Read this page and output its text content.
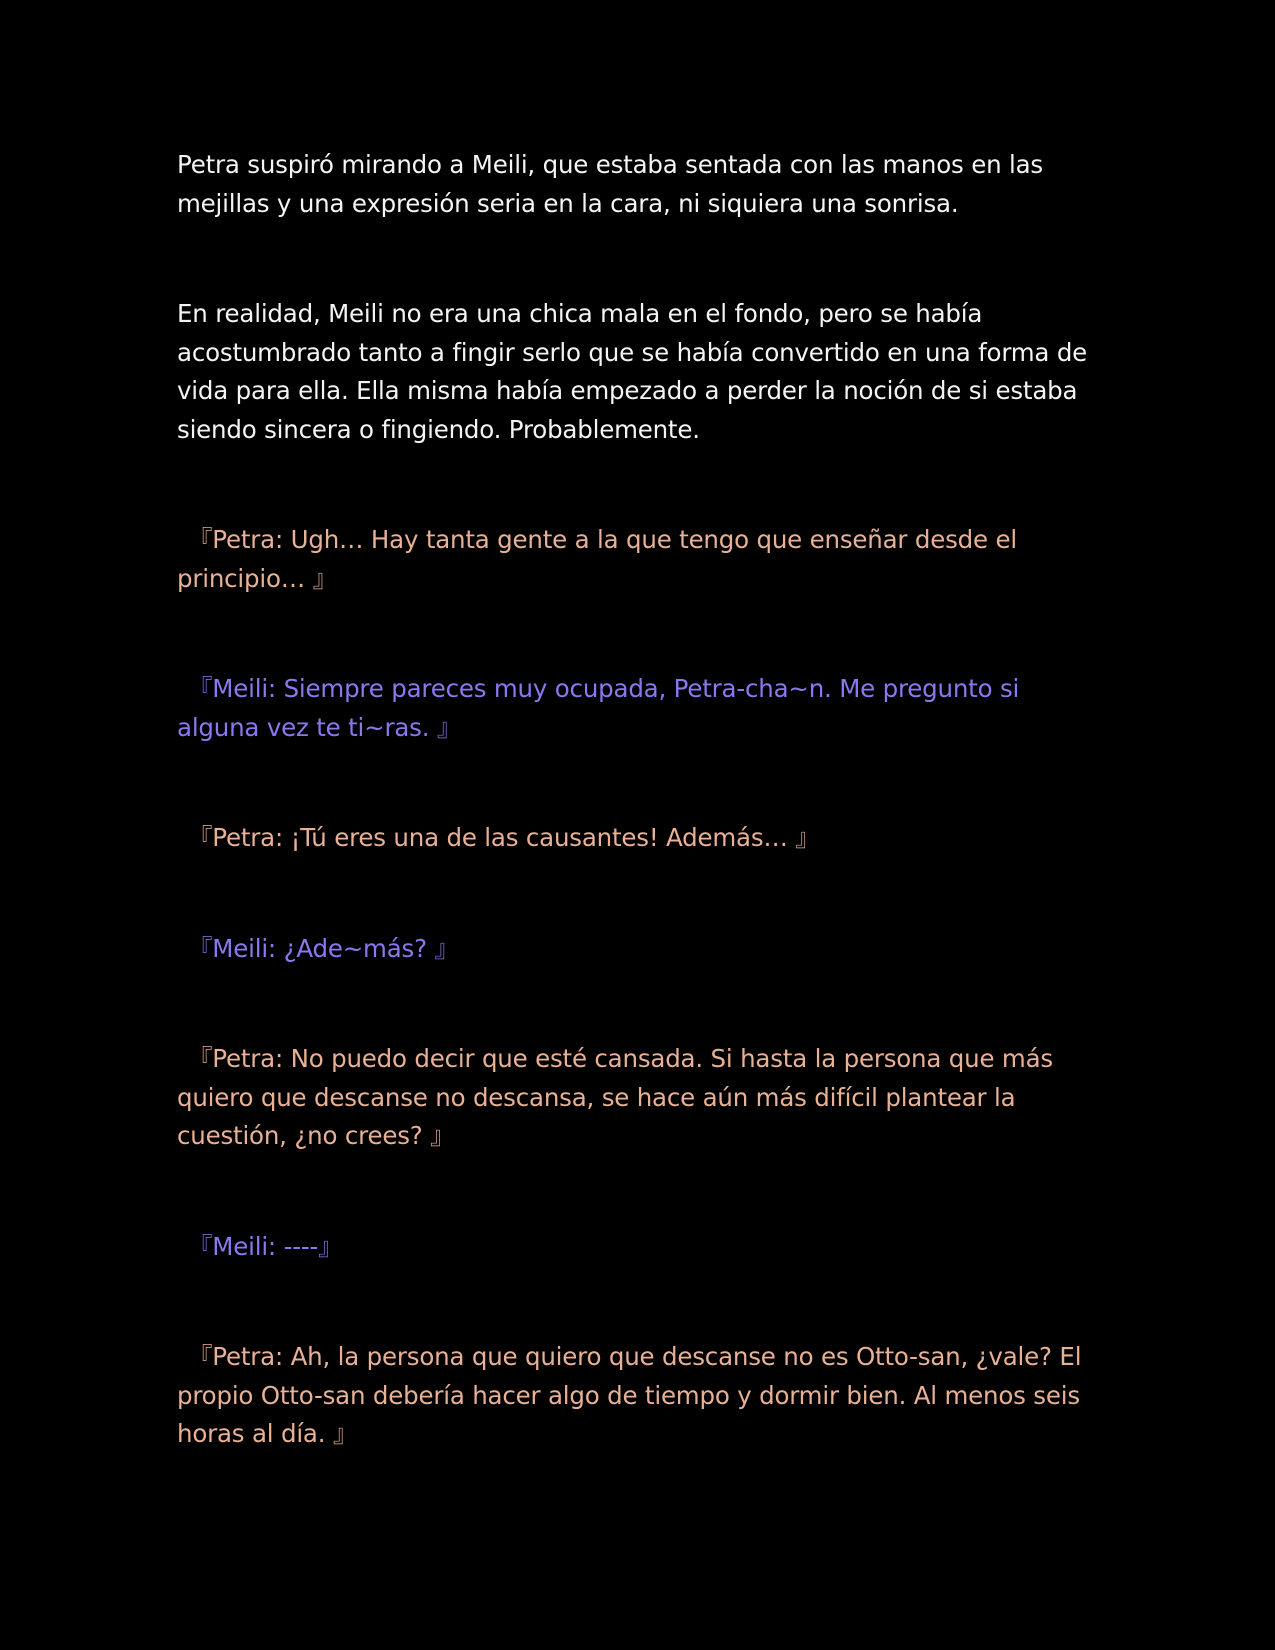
Petra suspiró mirando a Meili, que estaba sentada con las manos en las mejillas y una expresión seria en la cara, ni siquiera una sonrisa.

En realidad, Meili no era una chica mala en el fondo, pero se había acostumbrado tanto a fingir serlo que se había convertido en una forma de vida para ella. Ella misma había empezado a perder la noción de si estaba siendo sincera o fingiendo. Probablemente.

『Petra: Ugh… Hay tanta gente a la que tengo que enseñar desde el principio… 』

『Meili: Siempre pareces muy ocupada, Petra-cha~n. Me pregunto si alguna vez te ti~ras. 』

『Petra: ¡Tú eres una de las causantes! Además… 』

『Meili: ¿Ade~más? 』

『Petra: No puedo decir que esté cansada. Si hasta la persona que más quiero que descanse no descansa, se hace aún más difícil plantear la cuestión, ¿no crees? 』

『Meili: ----』

『Petra: Ah, la persona que quiero que descanse no es Otto-san, ¿vale? El propio Otto-san debería hacer algo de tiempo y dormir bien. Al menos seis horas al día. 』
